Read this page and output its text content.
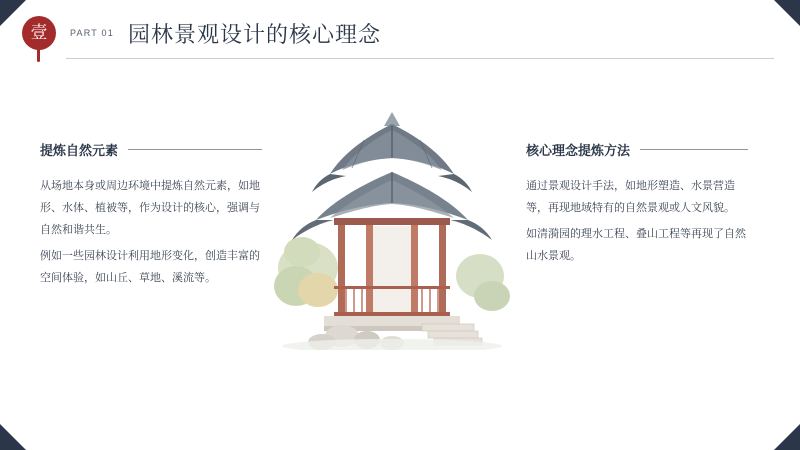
壹	PART 01 园林景观设计的核心理念
提炼自然元素

从场地本身或周边环境中提炼自然元素，如地形、水体、植被等，作为设计的核心，强调与自然和谐共生。

例如一些园林设计利用地形变化，创造丰富的空间体验，如山丘、草地、溪流等。

核心理念提炼方法

通过景观设计手法，如地形塑造、水景营造等，再现地域特有的自然景观或人文风貌。

如清漪园的理水工程、叠山工程等再现了自然山水景观。
